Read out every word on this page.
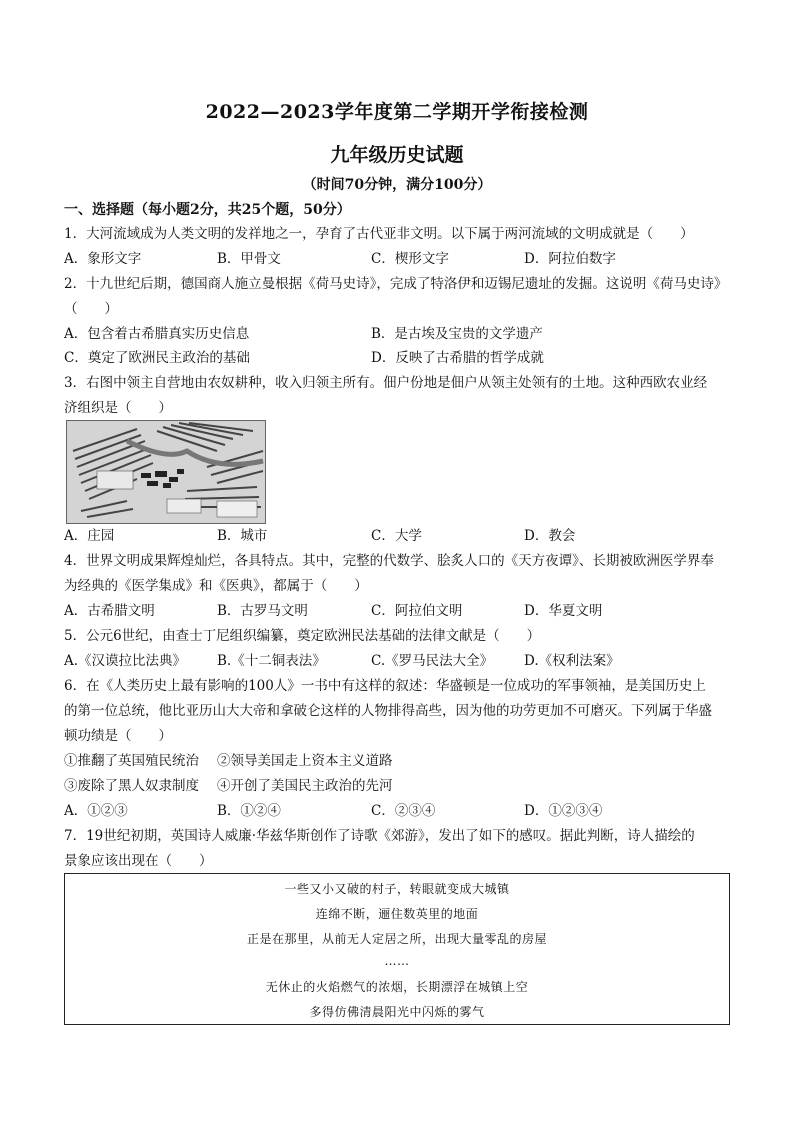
2022—2023学年度第二学期开学衔接检测
九年级历史试题
（时间70分钟，满分100分）
一、选择题（每小题2分，共25个题，50分）
1．大河流域成为人类文明的发祥地之一，孕育了古代亚非文明。以下属于两河流域的文明成就是（　　）
A．象形文字	B．甲骨文	C．楔形文字	D．阿拉伯数字
2．十九世纪后期，德国商人施立曼根据《荷马史诗》，完成了特洛伊和迈锡尼遗址的发掘。这说明《荷马史诗》
（　　）
A．包含着古希腊真实历史信息	B．是古埃及宝贵的文学遗产
C．奠定了欧洲民主政治的基础	D．反映了古希腊的哲学成就
3．右图中领主自营地由农奴耕种，收入归领主所有。佃户份地是佃户从领主处领有的土地。这种西欧农业经
济组织是（　　）
A．庄园	B．城市	C．大学	D．教会
4．世界文明成果辉煌灿烂，各具特点。其中，完整的代数学、脍炙人口的《天方夜谭》、长期被欧洲医学界奉
为经典的《医学集成》和《医典》，都属于（　　）
A．古希腊文明	B．古罗马文明	C．阿拉伯文明	D．华夏文明
5．公元6世纪，由查士丁尼组织编纂，奠定欧洲民法基础的法律文献是（　　）
A.《汉谟拉比法典》 B.《十二铜表法》	C.《罗马民法大全》 D.《权利法案》
6．在《人类历史上最有影响的100人》一书中有这样的叙述：华盛顿是一位成功的军事领袖，是美国历史上
的第一位总统，他比亚历山大大帝和拿破仑这样的人物排得高些，因为他的功劳更加不可磨灭。下列属于华盛
顿功绩是（　　）
①推翻了英国殖民统治 ②领导美国走上资本主义道路
③废除了黑人奴隶制度 ④开创了美国民主政治的先河
A．①②③	B．①②④	C．②③④	D．①②③④
7．19世纪初期，英国诗人威廉·华兹华斯创作了诗歌《郊游》，发出了如下的感叹。据此判断，诗人描绘的
景象应该出现在（　　）
一些又小又破的村子，转眼就变成大城镇
连绵不断，逦住数英里的地面
正是在那里，从前无人定居之所，出现大量零乱的房屋
……
无休止的火焰燃气的浓烟，长期漂浮在城镇上空
多得仿佛清晨阳光中闪烁的雾气
